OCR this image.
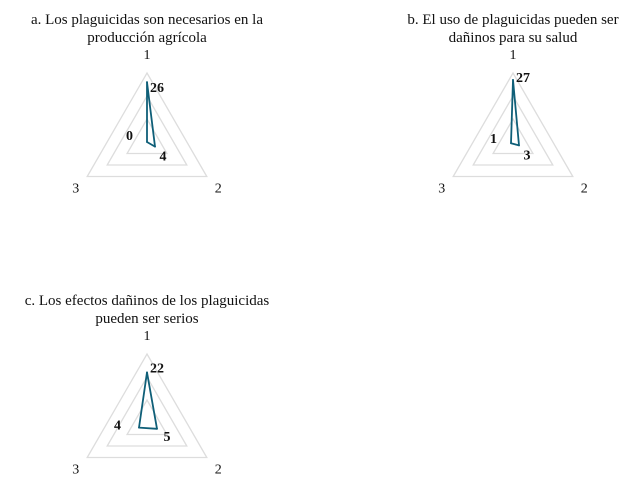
a. Los plaguicidas son necesarios en la producción agrícola
1
2
3
26
4
0
b. El uso de plaguicidas pueden ser dañinos para su salud
1
2
3
27
3
1
c. Los efectos dañinos de los plaguicidas pueden ser serios
1
2
3
22
5
4
